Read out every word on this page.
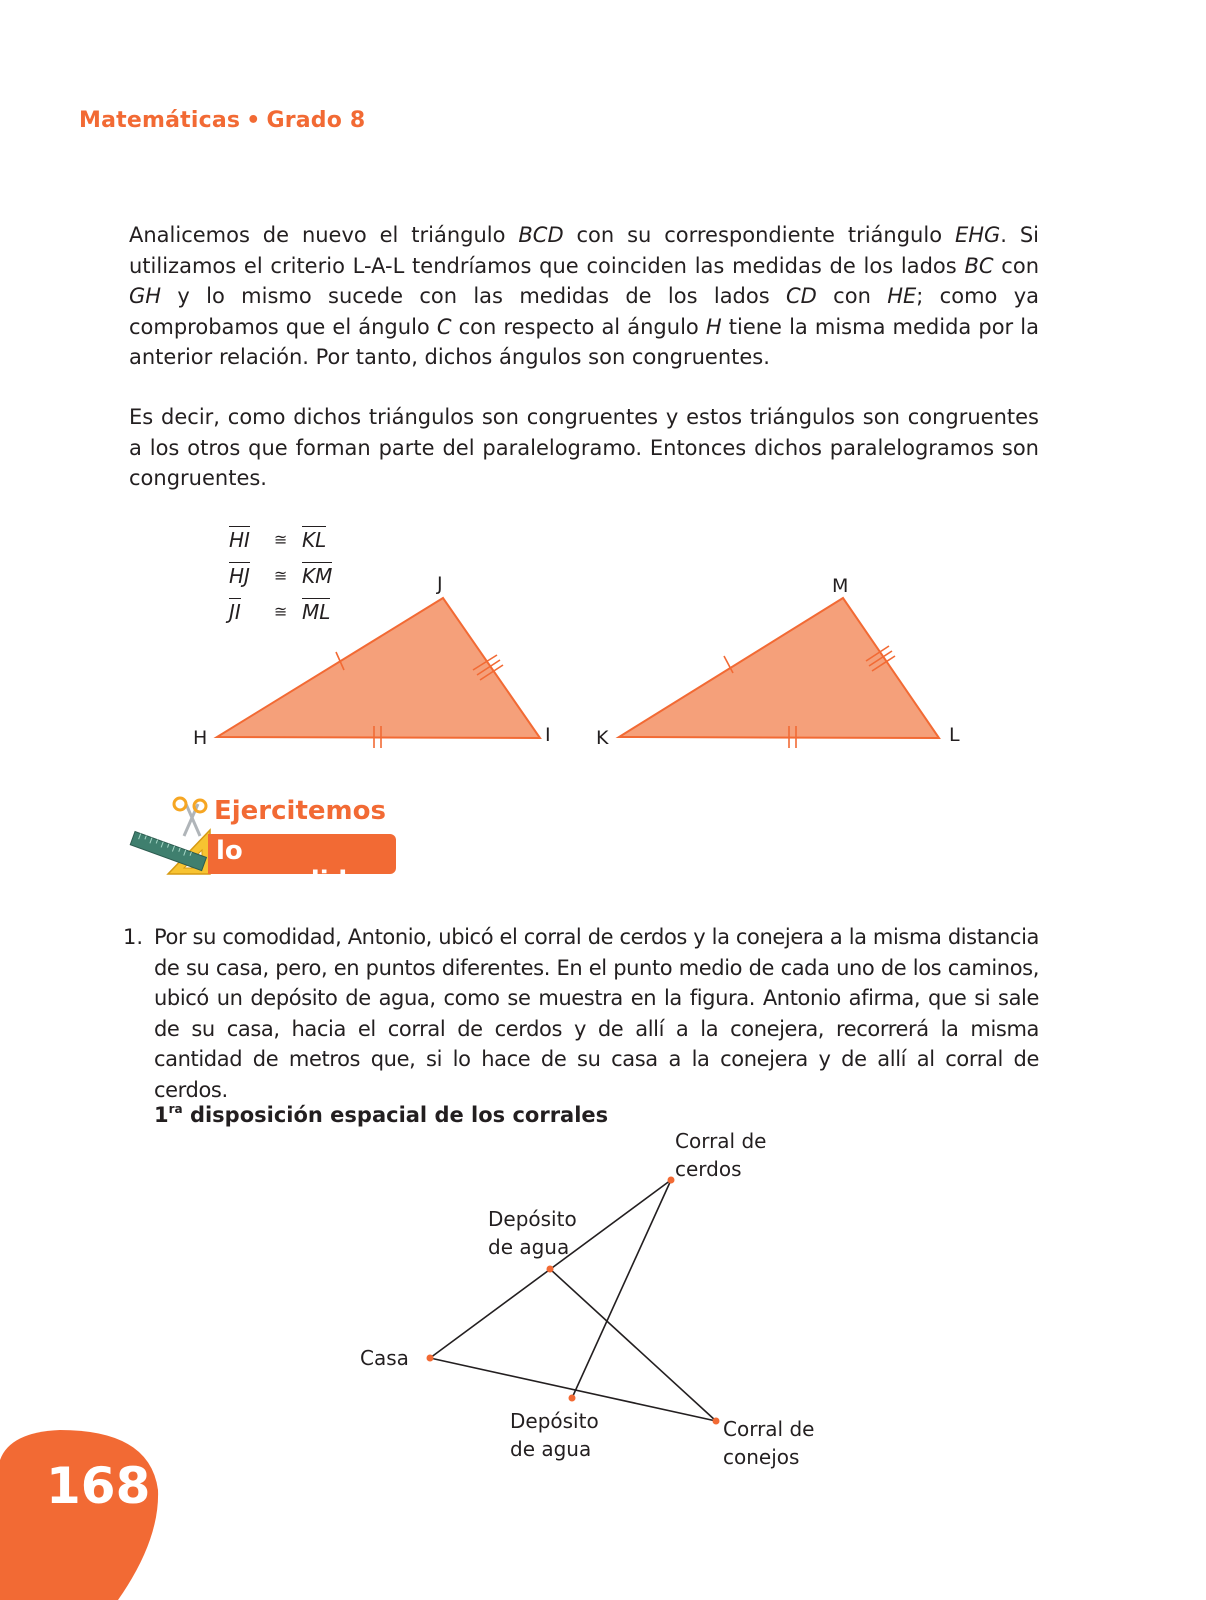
Matemáticas • Grado 8

Analicemos de nuevo el triángulo BCD con su correspondiente triángulo EHG. Si utilizamos el criterio L-A-L tendríamos que coinciden las medidas de los lados BC con GH y lo mismo sucede con las medidas de los lados CD con HE; como ya comprobamos que el ángulo C con respecto al ángulo H tiene la misma medida por la anterior relación. Por tanto, dichos ángulos son congruentes.

Es decir, como dichos triángulos son congruentes y estos triángulos son congruentes a los otros que forman parte del paralelogramo. Entonces dichos paralelogramos son congruentes.

HI ≅ KL
HJ ≅ KM
JI ≅ ML
H	I
J
K	L
M
Ejercitemos
lo aprendido
1. Por su comodidad, Antonio, ubicó el corral de cerdos y la conejera a la misma distancia de su casa, pero, en puntos diferentes. En el punto medio de cada uno de los caminos, ubicó un depósito de agua, como se muestra en la figura. Antonio afirma, que si sale de su casa, hacia el corral de cerdos y de allí a la conejera, recorrerá la misma cantidad de metros que, si lo hace de su casa a la conejera y de allí al corral de cerdos.
$1^{ra}$ disposición espacial de los corrales
Corral de
cerdos
Depósito
de agua
Casa
Depósito
de agua
Corral de
conejos
168
